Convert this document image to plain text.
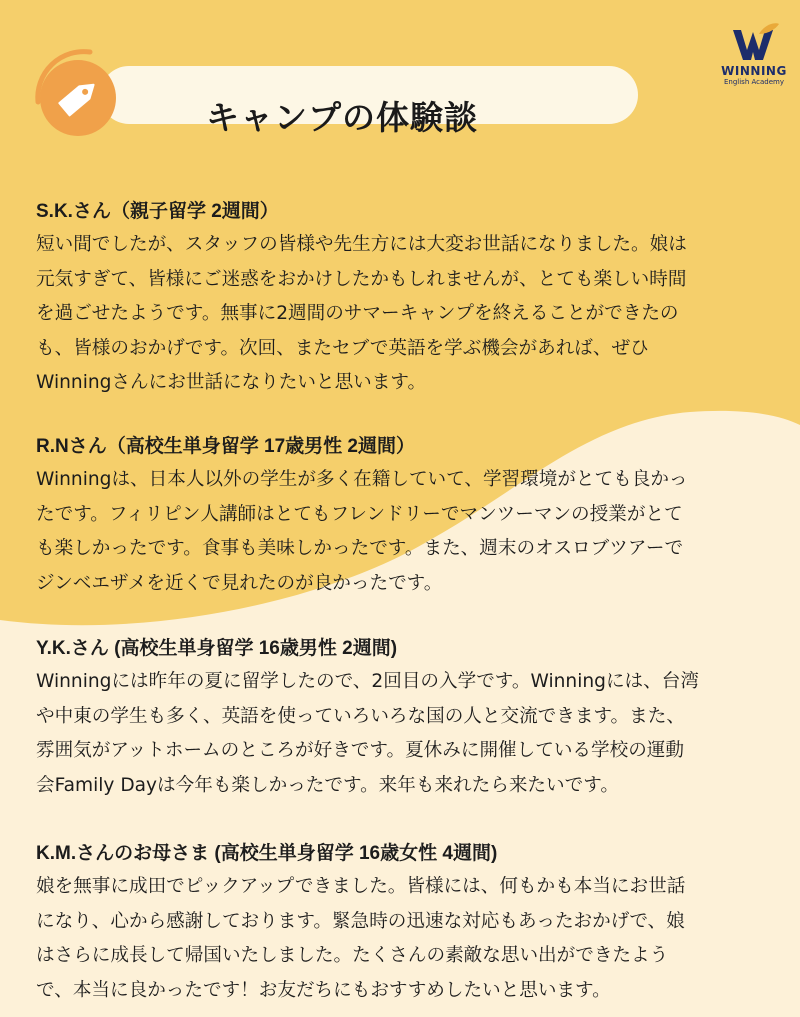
キャンプの体験談
WINNING
English Academy

S.K.さん（親子留学 2週間）

短い間でしたが、スタッフの皆様や先生方には大変お世話になりました。娘は
元気すぎて、皆様にご迷惑をおかけしたかもしれませんが、とても楽しい時間
を過ごせたようです。無事に2週間のサマーキャンプを終えることができたの
も、皆様のおかげです。次回、またセブで英語を学ぶ機会があれば、ぜひ
Winningさんにお世話になりたいと思います。

R.Nさん（高校生単身留学 17歳男性 2週間）

Winningは、日本人以外の学生が多く在籍していて、学習環境がとても良かっ
たです。フィリピン人講師はとてもフレンドリーでマンツーマンの授業がとて
も楽しかったです。食事も美味しかったです。また、週末のオスロブツアーで
ジンベエザメを近くで見れたのが良かったです。

Y.K.さん (高校生単身留学 16歳男性 2週間)

Winningには昨年の夏に留学したので、2回目の入学です。Winningには、台湾
や中東の学生も多く、英語を使っていろいろな国の人と交流できます。また、
雰囲気がアットホームのところが好きです。夏休みに開催している学校の運動
会Family Dayは今年も楽しかったです。来年も来れたら来たいです。

K.M.さんのお母さま (高校生単身留学 16歳女性 4週間)

娘を無事に成田でピックアップできました。皆様には、何もかも本当にお世話
になり、心から感謝しております。緊急時の迅速な対応もあったおかげで、娘
はさらに成長して帰国いたしました。たくさんの素敵な思い出ができたよう
で、本当に良かったです！お友だちにもおすすめしたいと思います。
